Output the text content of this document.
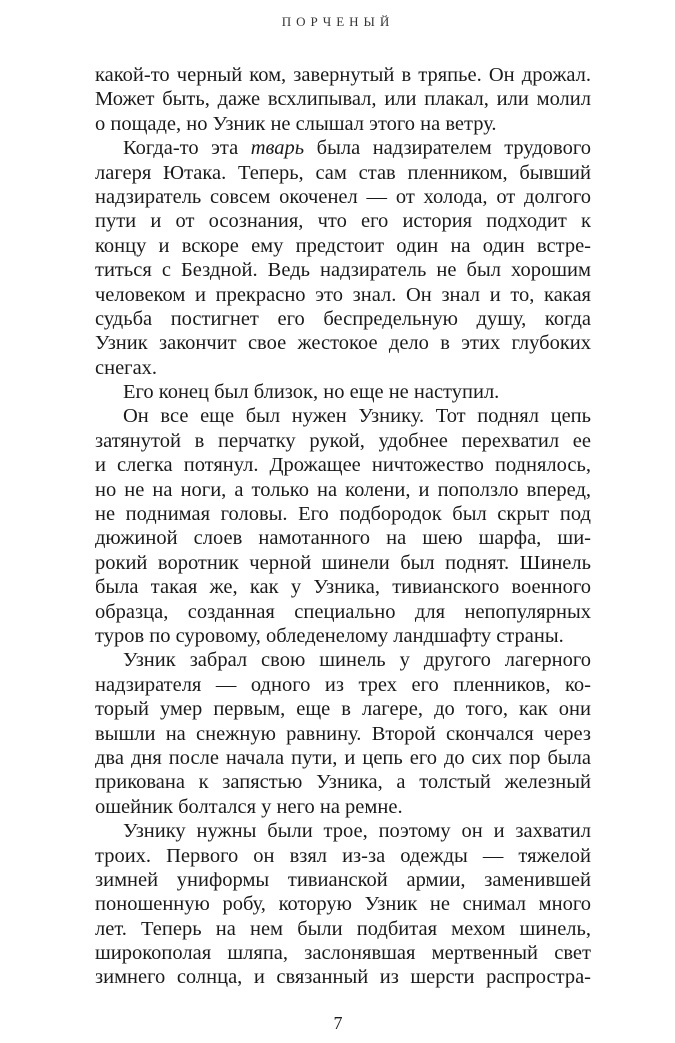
ПОРЧЕНЫЙ
какой-то черный ком, завернутый в тряпье. Он дрожал.
Может быть, даже всхлипывал, или плакал, или молил
о пощаде, но Узник не слышал этого на ветру.
Когда-то эта тварь была надзирателем трудового
лагеря Ютака. Теперь, сам став пленником, бывший
надзиратель совсем окоченел — от холода, от долгого
пути и от осознания, что его история подходит к
концу и вскоре ему предстоит один на один встре-
титься с Бездной. Ведь надзиратель не был хорошим
человеком и прекрасно это знал. Он знал и то, какая
судьба постигнет его беспредельную душу, когда
Узник закончит свое жестокое дело в этих глубоких
снегах.
Его конец был близок, но еще не наступил.
Он все еще был нужен Узнику. Тот поднял цепь
затянутой в перчатку рукой, удобнее перехватил ее
и слегка потянул. Дрожащее ничтожество поднялось,
но не на ноги, а только на колени, и поползло вперед,
не поднимая головы. Его подбородок был скрыт под
дюжиной слоев намотанного на шею шарфа, ши-
рокий воротник черной шинели был поднят. Шинель
была такая же, как у Узника, тивианского военного
образца, созданная специально для непопулярных
туров по суровому, обледенелому ландшафту страны.
Узник забрал свою шинель у другого лагерного
надзирателя — одного из трех его пленников, ко-
торый умер первым, еще в лагере, до того, как они
вышли на снежную равнину. Второй скончался через
два дня после начала пути, и цепь его до сих пор была
прикована к запястью Узника, а толстый железный
ошейник болтался у него на ремне.
Узнику нужны были трое, поэтому он и захватил
троих. Первого он взял из-за одежды — тяжелой
зимней униформы тивианской армии, заменившей
поношенную робу, которую Узник не снимал много
лет. Теперь на нем были подбитая мехом шинель,
широкополая шляпа, заслонявшая мертвенный свет
зимнего солнца, и связанный из шерсти распростра-
7
